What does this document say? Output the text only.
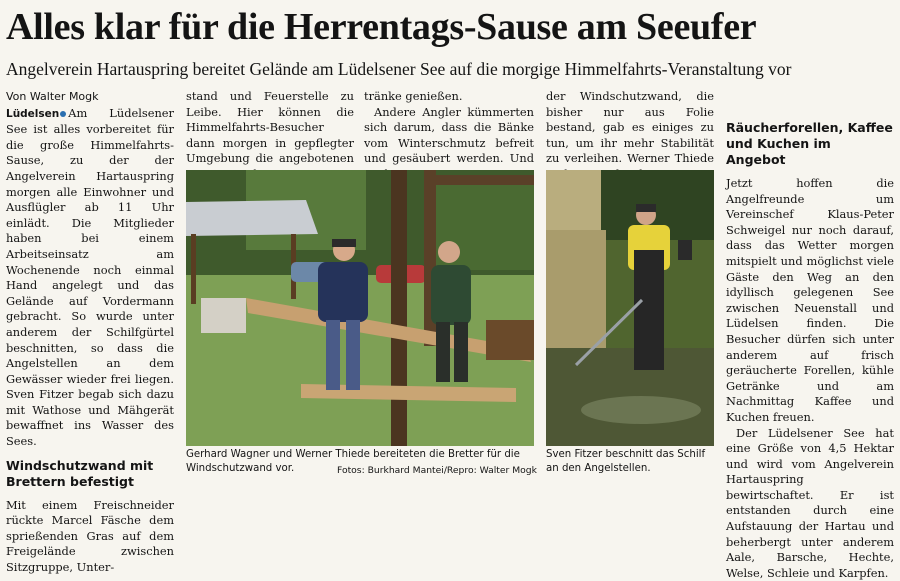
Alles klar für die Herrentags-Sause am Seeufer
Angelverein Hartauspring bereitet Gelände am Lüdelsener See auf die morgige Himmelfahrts-Veranstaltung vor
Von Walter Mogk

Lüdelsen Am Lüdelsener See ist alles vorbereitet für die große Himmelfahrts-Sause, zu der der Angelverein Hartauspring morgen alle Einwohner und Ausflügler ab 11 Uhr einlädt. Die Mitglieder haben bei einem Arbeitseinsatz am Wochenende noch einmal Hand angelegt und das Gelände auf Vordermann gebracht. So wurde unter anderem der Schilfgürtel beschnitten, so dass die Angelstellen an dem Gewässer wieder frei liegen. Sven Fitzer begab sich dazu mit Wathose und Mähgerät bewaffnet ins Wasser des Sees.

Windschutzwand mit Brettern befestigt

Mit einem Freischneider rückte Marcel Fäsche dem sprießenden Gras auf dem Freigelände zwischen Sitzgruppe, Unter-

stand und Feuerstelle zu Leibe. Hier können die Himmelfahrts-Besucher dann morgen in gepflegter Umgebung die angebotenen

tränke genießen.

Andere Angler kümmerten sich darum, dass die Bänke vom Winterschmutz befreit und gesäubert werden. Und

der Windschutzwand, die bisher nur aus Folie bestand, gab es einiges zu tun, um ihr mehr Stabilität zu verleihen. Werner Thiede

Räucherforellen, Kaffee und Kuchen im Angebot

Jetzt hoffen die Angelfreunde um Vereinschef Klaus-Peter Schweigel nur noch darauf, dass das Wetter morgen mitspielt und möglichst viele Gäste den Weg an den idyllisch gelegenen See zwischen Neuenstall und Lüdelsen finden. Die Besucher dürfen sich unter anderem auf frisch geräucherte Forellen, kühle Getränke und am Nachmittag Kaffee und Kuchen freuen.

Der Lüdelsener See hat eine Größe von 4,5 Hektar und wird vom Angelverein Hartauspring bewirtschaftet. Er ist entstanden durch eine Aufstauung der Hartau und beherbergt unter anderem Aale, Barsche, Hechte, Welse, Schleie und Karpfen.

Gerhard Wagner und Werner Thiede bereiteten die Bretter für die Windschutzwand vor.	Fotos: Burkhard Mantei/Repro: Walter Mogk
Sven Fitzer beschnitt das Schilf an den Angelstellen.
